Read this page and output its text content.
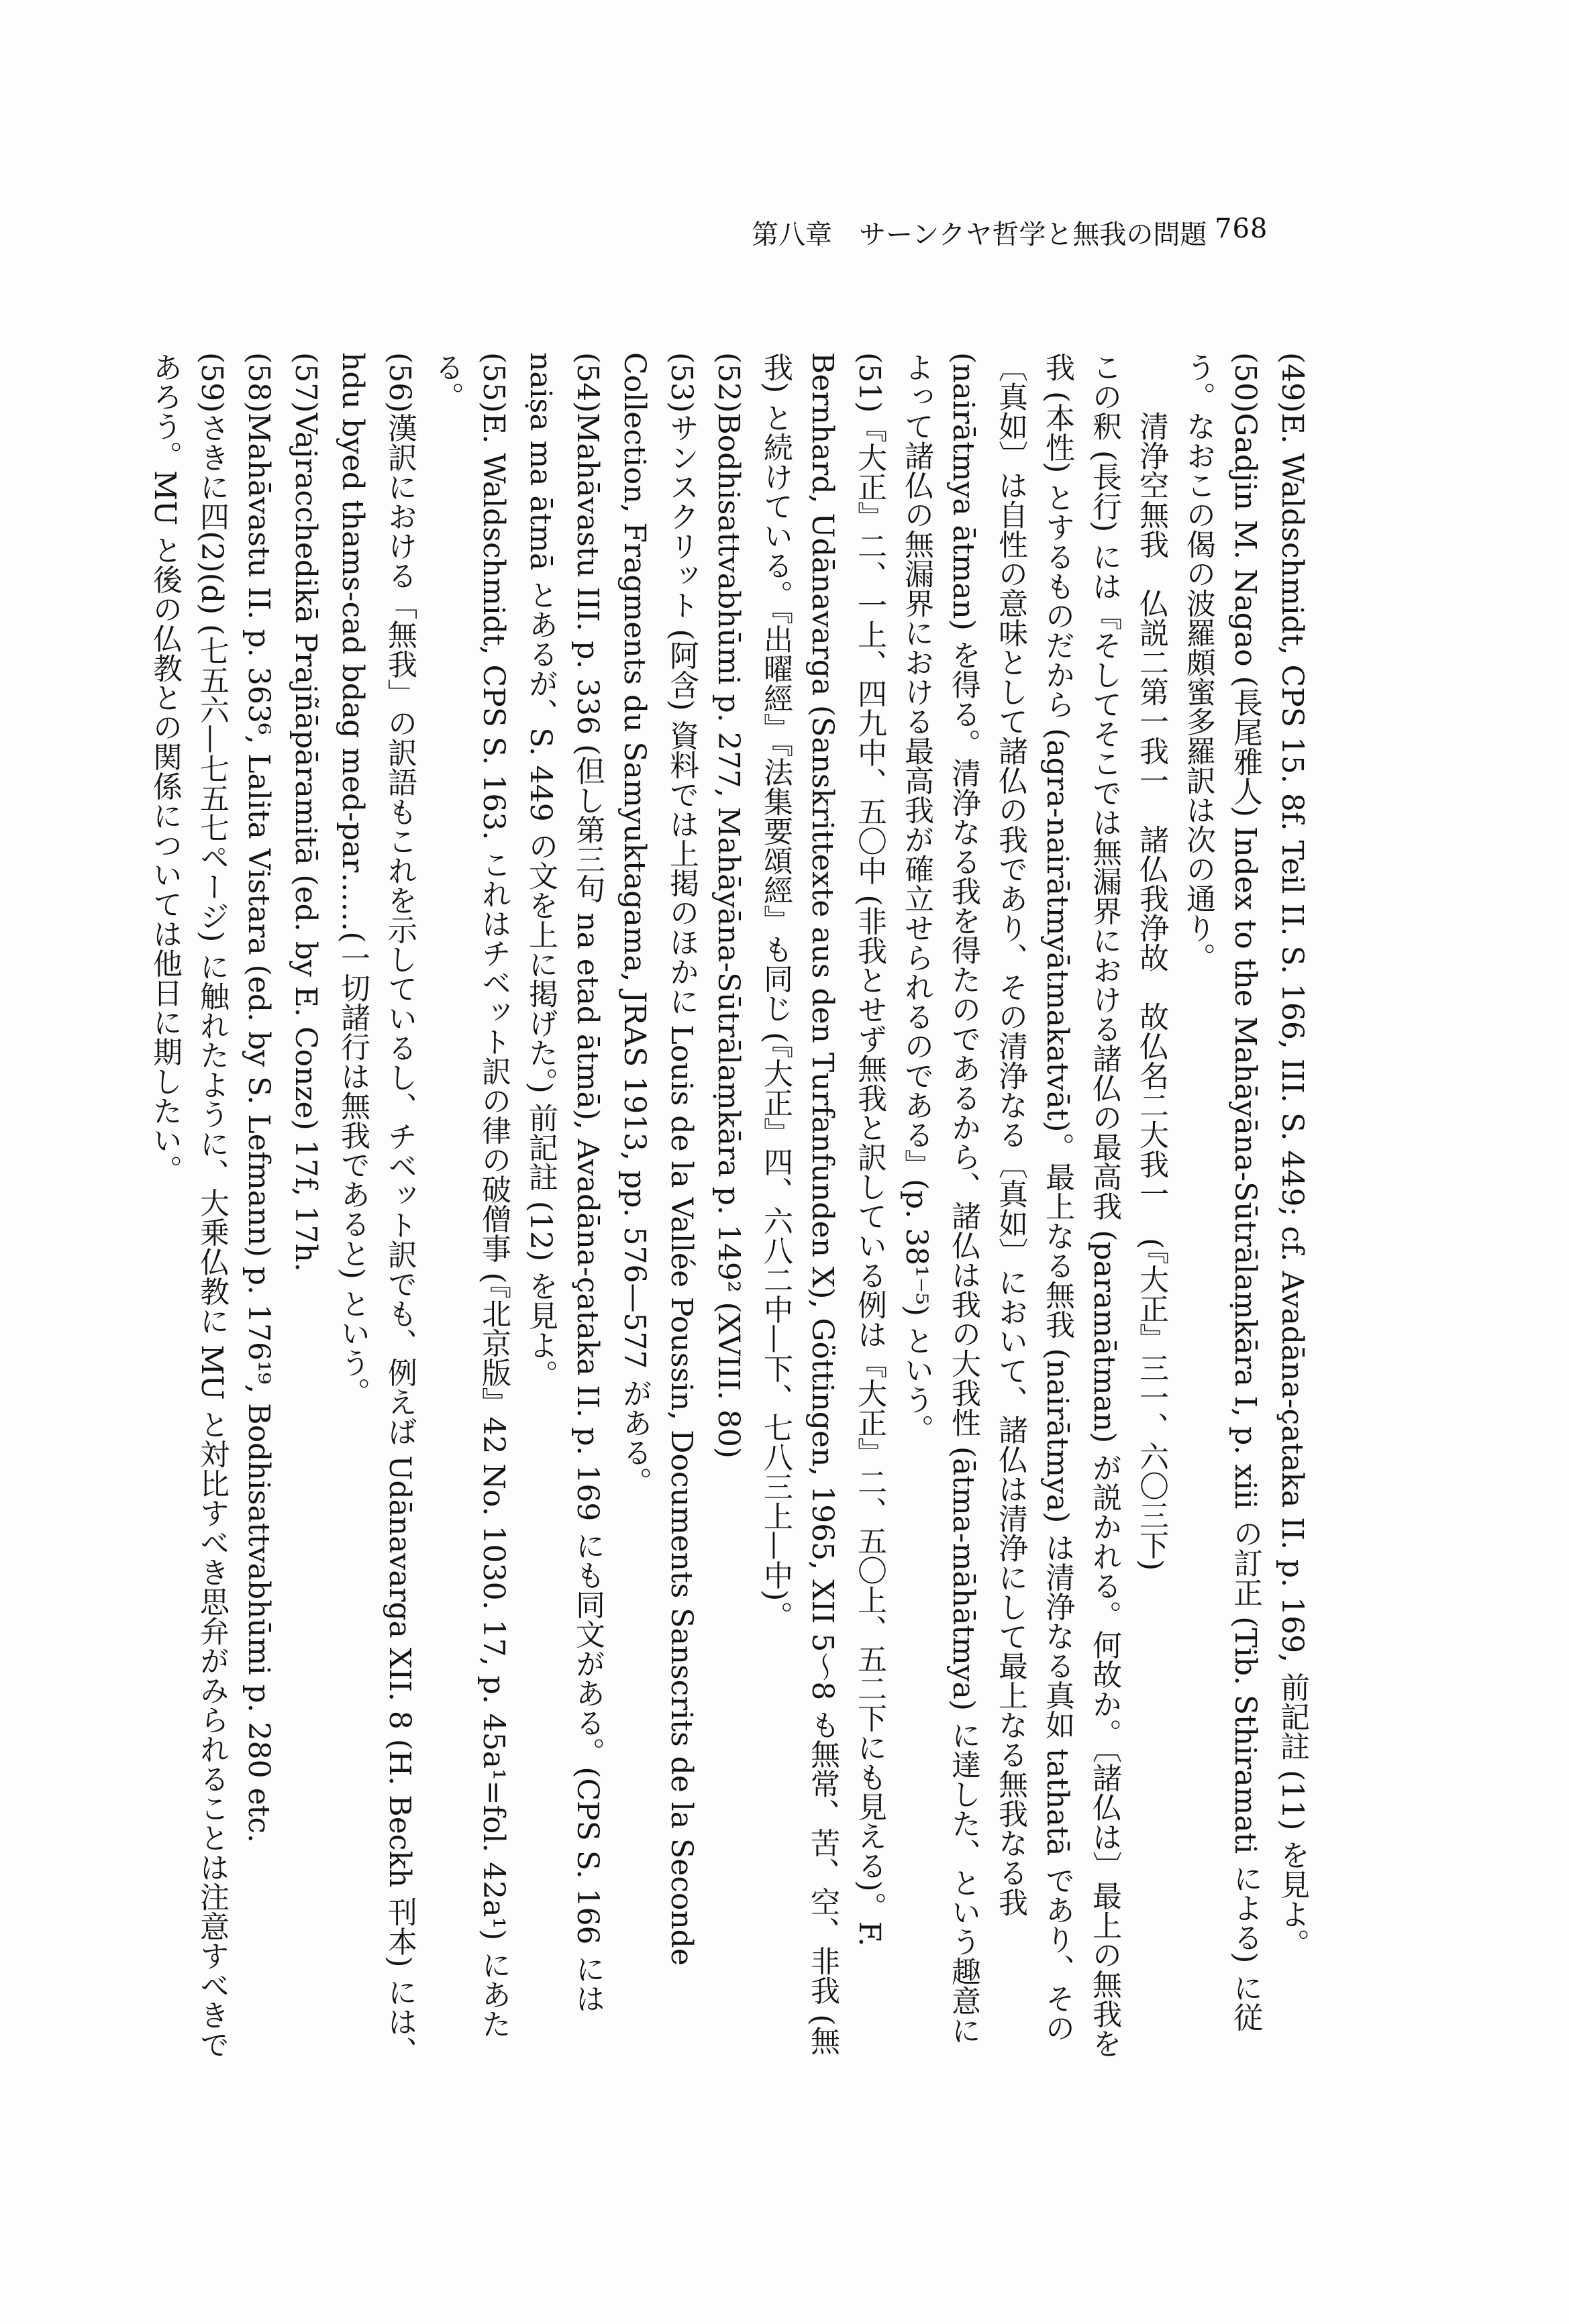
第八章　サーンクヤ哲学と無我の問題 768

(49)E. Waldschmidt, CPS 15. 8f. Teil II. S. 166, III. S. 449; cf. Avadāna-çataka II. p. 169, 前記註 (11) を見よ。

(50)Gadjin M. Nagao (長尾雅人) Index to the Mahāyāna-Sūtrālaṃkāra I, p. xiii の訂正 (Tib. Sthiramati による) に従う。なおこの偈の波羅頗蜜多羅訳は次の通り。

清浄空無我　仏説二第一我一　諸仏我浄故　故仏名二大我一　(『大正』三一、六〇三下)

この釈 (長行) には『そしてそこでは無漏界における諸仏の最高我 (paramātman) が説かれる。何故か。〔諸仏は〕最上の無我を我 (本性) とするものだから (agra-nairātmyātmakatvāt)。最上なる無我 (nairātmya) は清浄なる真如 tathatā であり、その〔真如〕は自性の意味として諸仏の我であり、その清浄なる〔真如〕において、諸仏は清浄にして最上なる無我なる我 (nairātmya ātman) を得る。清浄なる我を得たのであるから、諸仏は我の大我性 (ātma-māhātmya) に達した、という趣意によって諸仏の無漏界における最高我が確立せられるのである』(p. 38¹⁻⁵) という。

(51)『大正』二、一上、四九中、五〇中 (非我とせず無我と訳している例は『大正』二、五〇上、五二下にも見える)。F. Bernhard, Udānavarga (Sanskrittexte aus den Turfanfunden X), Göttingen, 1965, XII 5〜8 も無常、苦、空、非我 (無我) と続けている。『出曜經』『法集要頌經』も同じ (『大正』四、六八二中—下、七八三上—中)。

(52)Bodhisattvabhūmi p. 277, Mahāyāna-Sūtrālaṃkāra p. 149² (XVIII. 80)

(53)サンスクリット (阿含) 資料では上掲のほかに Louis de la Vallée Poussin, Documents Sanscrits de la Seconde Collection, Fragments du Samyuktagama, JRAS 1913, pp. 576—577 がある。

(54)Mahāvastu III. p. 336 (但し第三句 na etad ātmā), Avadāna-çataka II. p. 169 にも同文がある。(CPS S. 166 には naiṣa ma ātmā とあるが、S. 449 の文を上に掲げた。) 前記註 (12) を見よ。

(55)E. Waldschmidt, CPS S. 163. これはチベット訳の律の破僧事 (『北京版』42 No. 1030. 17, p. 45a¹=fol. 42a¹) にあたる。

(56)漢訳における「無我」の訳語もこれを示しているし、チベット訳でも、例えば Udānavarga XII. 8 (H. Beckh 刊本) には、hdu byed thams-cad bdag med-par……(一切諸行は無我であると) という。

(57)Vajracchedikā Prajñāpāramitā (ed. by E. Conze) 17f, 17h.

(58)Mahāvastu II. p. 363⁶, Lalita Vistara (ed. by S. Lefmann) p. 176¹⁹, Bodhisattvabhūmi p. 280 etc.

(59)さきに四(2)(d) (七五六—七五七ページ) に触れたように、大乗仏教に MU と対比すべき思弁がみられることは注意すべきであろう。MU と後の仏教との関係については他日に期したい。
